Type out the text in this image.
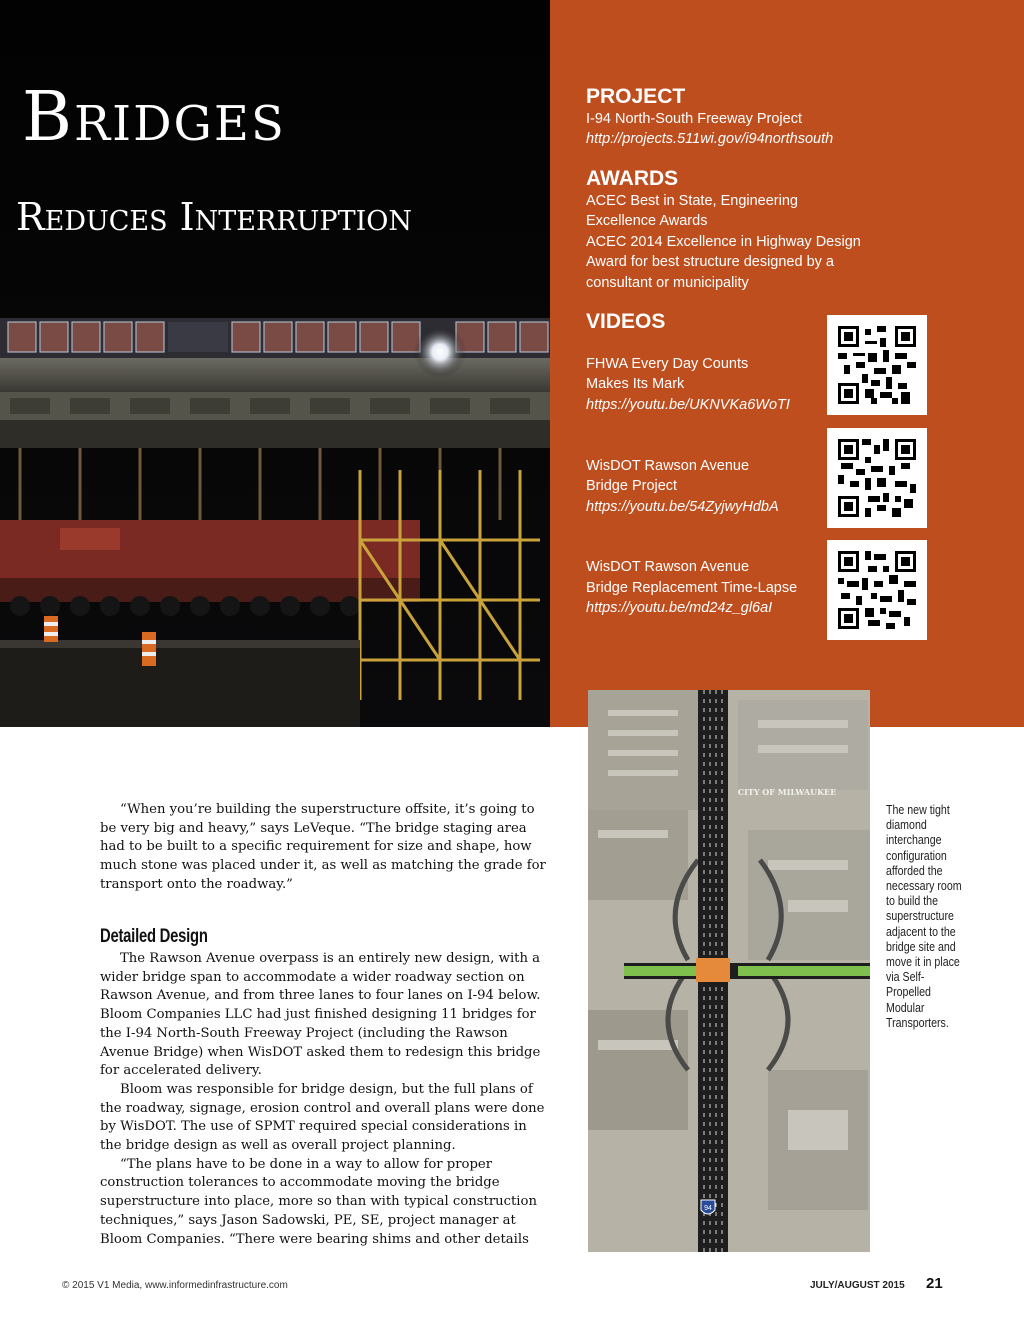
Bridges
Reduces Interruption
PROJECT
I-94 North-South Freeway Project
http://projects.511wi.gov/i94northsouth
AWARDS
ACEC Best in State, Engineering
Excellence Awards
ACEC 2014 Excellence in Highway Design
Award for best structure designed by a
consultant or municipality
VIDEOS
FHWA Every Day Counts
Makes Its Mark
https://youtu.be/UKNVKa6WoTI
WisDOT Rawson Avenue
Bridge Project
https://youtu.be/54ZyjwyHdbA
WisDOT Rawson Avenue
Bridge Replacement Time-Lapse
https://youtu.be/md24z_gl6aI
94
CITY OF MILWAUKEE
The new tight diamond interchange configuration afforded the necessary room to build the superstructure adjacent to the bridge site and move it in place via Self-Propelled Modular Transporters.

“When you’re building the superstructure offsite, it’s going to be very big and heavy,” says LeVeque. “The bridge staging area had to be built to a specific requirement for size and shape, how much stone was placed under it, as well as matching the grade for transport onto the roadway.”

Detailed Design

The Rawson Avenue overpass is an entirely new design, with a wider bridge span to accommodate a wider roadway section on Rawson Avenue, and from three lanes to four lanes on I-94 below. Bloom Companies LLC had just finished designing 11 bridges for the I-94 North-South Freeway Project (including the Rawson Avenue Bridge) when WisDOT asked them to redesign this bridge for accelerated delivery.

Bloom was responsible for bridge design, but the full plans of the roadway, signage, erosion control and overall plans were done by WisDOT. The use of SPMT required special considerations in the bridge design as well as overall project planning.

“The plans have to be done in a way to allow for proper construction tolerances to accommodate moving the bridge superstructure into place, more so than with typical construction techniques,” says Jason Sadowski, PE, SE, project manager at Bloom Companies. “There were bearing shims and other details

© 2015 V1 Media, www.informedinfrastructure.com	JULY/AUGUST 2015 21
